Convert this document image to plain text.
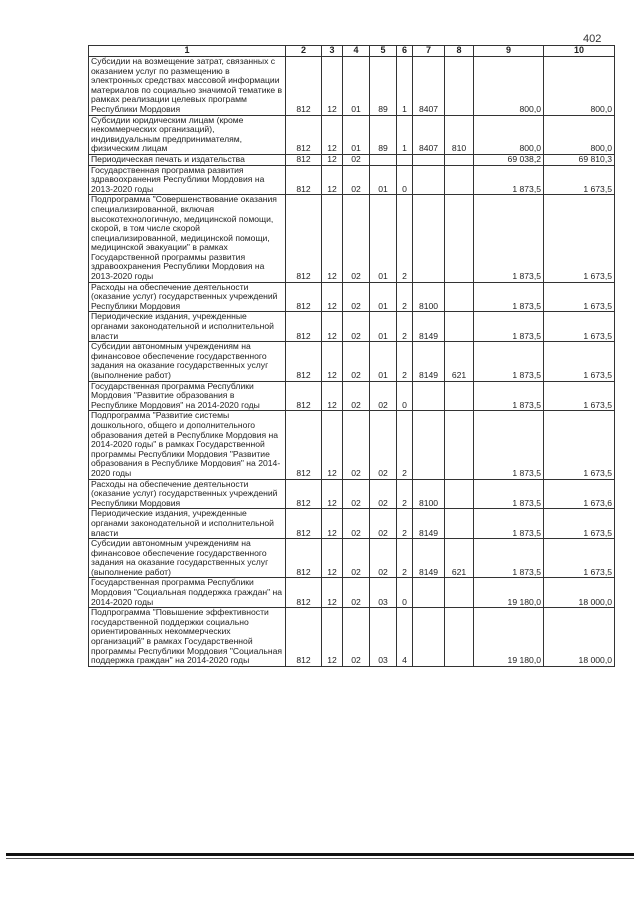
402
1	2	3	4	5	6	7	8	9	10
Субсидии на возмещение затрат, связанных с оказанием услуг по размещению в электронных средствах массовой информации материалов по социально значимой тематике в рамках реализации целевых программ Республики Мордовия	812	12	01	89	1	8407		800,0	800,0
Субсидии юридическим лицам (кроме некоммерческих организаций), индивидуальным предпринимателям, физическим лицам	812	12	01	89	1	8407	810	800,0	800,0
Периодическая печать и издательства	812	12	02					69 038,2	69 810,3
Государственная программа развития здравоохранения Республики Мордовия на 2013-2020 годы	812	12	02	01	0			1 873,5	1 673,5
Подпрограмма "Совершенствование оказания специализированной, включая высокотехнологичную, медицинской помощи, скорой, в том числе скорой специализированной, медицинской помощи, медицинской эвакуации" в рамках Государственной программы развития здравоохранения Республики Мордовия на 2013-2020 годы	812	12	02	01	2			1 873,5	1 673,5
Расходы на обеспечение деятельности (оказание услуг) государственных учреждений Республики Мордовия	812	12	02	01	2	8100		1 873,5	1 673,5
Периодические издания, учрежденные органами законодательной и исполнительной власти	812	12	02	01	2	8149		1 873,5	1 673,5
Субсидии автономным учреждениям на финансовое обеспечение государственного задания на оказание государственных услуг (выполнение работ)	812	12	02	01	2	8149	621	1 873,5	1 673,5
Государственная программа Республики Мордовия "Развитие образования в Республике Мордовия" на 2014-2020 годы	812	12	02	02	0			1 873,5	1 673,5
Подпрограмма "Развитие системы дошкольного, общего и дополнительного образования детей в Республике Мордовия на 2014-2020 годы" в рамках Государственной программы Республики Мордовия "Развитие образования в Республике Мордовия" на 2014-2020 годы	812	12	02	02	2			1 873,5	1 673,5
Расходы на обеспечение деятельности (оказание услуг) государственных учреждений Республики Мордовия	812	12	02	02	2	8100		1 873,5	1 673,6
Периодические издания, учрежденные органами законодательной и исполнительной власти	812	12	02	02	2	8149		1 873,5	1 673,5
Субсидии автономным учреждениям на финансовое обеспечение государственного задания на оказание государственных услуг (выполнение работ)	812	12	02	02	2	8149	621	1 873,5	1 673,5
Государственная программа Республики Мордовия "Социальная поддержка граждан" на 2014-2020 годы	812	12	02	03	0			19 180,0	18 000,0
Подпрограмма "Повышение эффективности государственной поддержки социально ориентированных некоммерческих организаций" в рамках Государственной программы Республики Мордовия "Социальная поддержка граждан" на 2014-2020 годы	812	12	02	03	4			19 180,0	18 000,0
